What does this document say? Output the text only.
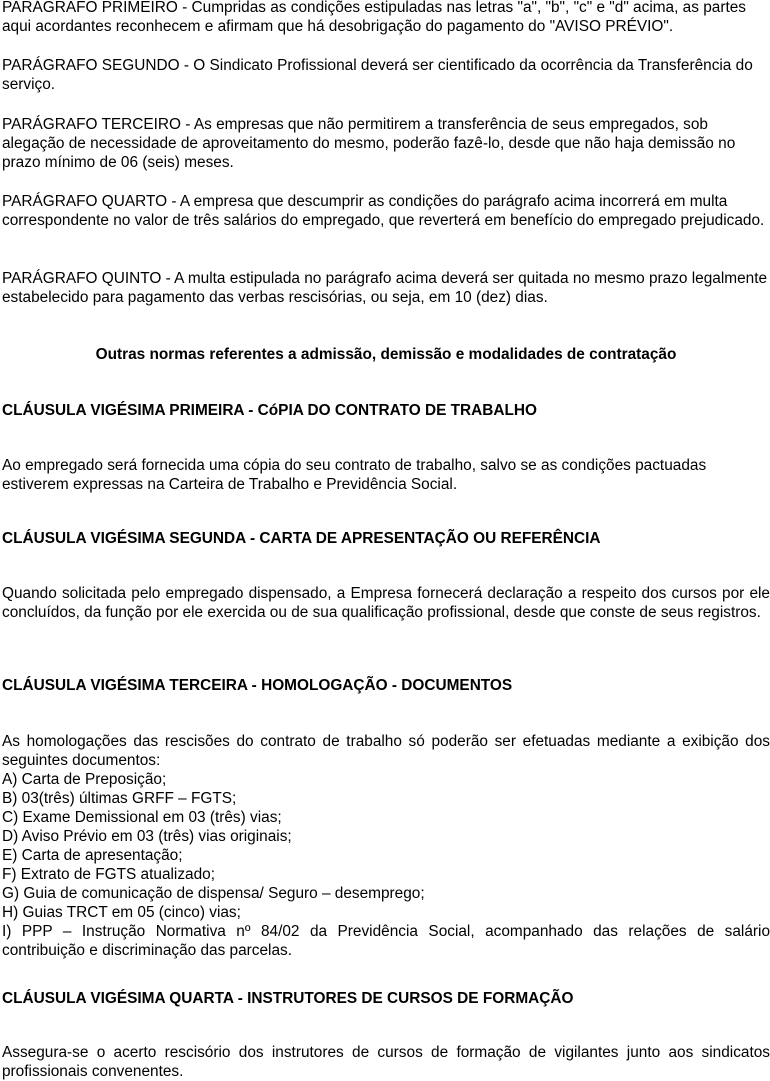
PARÁGRAFO PRIMEIRO - Cumpridas as condições estipuladas nas letras "a", "b", "c" e "d" acima, as partes aqui acordantes reconhecem e afirmam que há desobrigação do pagamento do "AVISO PRÉVIO".

PARÁGRAFO SEGUNDO - O Sindicato Profissional deverá ser cientificado da ocorrência da Transferência do serviço.

PARÁGRAFO TERCEIRO - As empresas que não permitirem a transferência de seus empregados, sob alegação de necessidade de aproveitamento do mesmo, poderão fazê-lo, desde que não haja demissão no prazo mínimo de 06 (seis) meses.

PARÁGRAFO QUARTO - A empresa que descumprir as condições do parágrafo acima incorrerá em multa correspondente no valor de três salários do empregado, que reverterá em benefício do empregado prejudicado.

PARÁGRAFO QUINTO - A multa estipulada no parágrafo acima deverá ser quitada no mesmo prazo legalmente estabelecido para pagamento das verbas rescisórias, ou seja, em 10 (dez) dias.

Outras normas referentes a admissão, demissão e modalidades de contratação
CLÁUSULA VIGÉSIMA PRIMEIRA - CóPIA DO CONTRATO DE TRABALHO

Ao empregado será fornecida uma cópia do seu contrato de trabalho, salvo se as condições pactuadas estiverem expressas na Carteira de Trabalho e Previdência Social.

CLÁUSULA VIGÉSIMA SEGUNDA - CARTA DE APRESENTAÇÃO OU REFERÊNCIA

Quando solicitada pelo empregado dispensado, a Empresa fornecerá declaração a respeito dos cursos por ele concluídos, da função por ele exercida ou de sua qualificação profissional, desde que conste de seus registros.

CLÁUSULA VIGÉSIMA TERCEIRA - HOMOLOGAÇÃO - DOCUMENTOS

As homologações das rescisões do contrato de trabalho só poderão ser efetuadas mediante a exibição dos seguintes documentos:

A) Carta de Preposição;
B) 03(três) últimas GRFF – FGTS;
C) Exame Demissional em 03 (três) vias;
D) Aviso Prévio em 03 (três) vias originais;
E) Carta de apresentação;
F) Extrato de FGTS atualizado;
G) Guia de comunicação de dispensa/ Seguro – desemprego;
H) Guias TRCT em 05 (cinco) vias;

I) PPP – Instrução Normativa nº 84/02 da Previdência Social, acompanhado das relações de salário contribuição e discriminação das parcelas.

CLÁUSULA VIGÉSIMA QUARTA - INSTRUTORES DE CURSOS DE FORMAÇÃO

Assegura-se o acerto rescisório dos instrutores de cursos de formação de vigilantes junto aos sindicatos profissionais convenentes.
